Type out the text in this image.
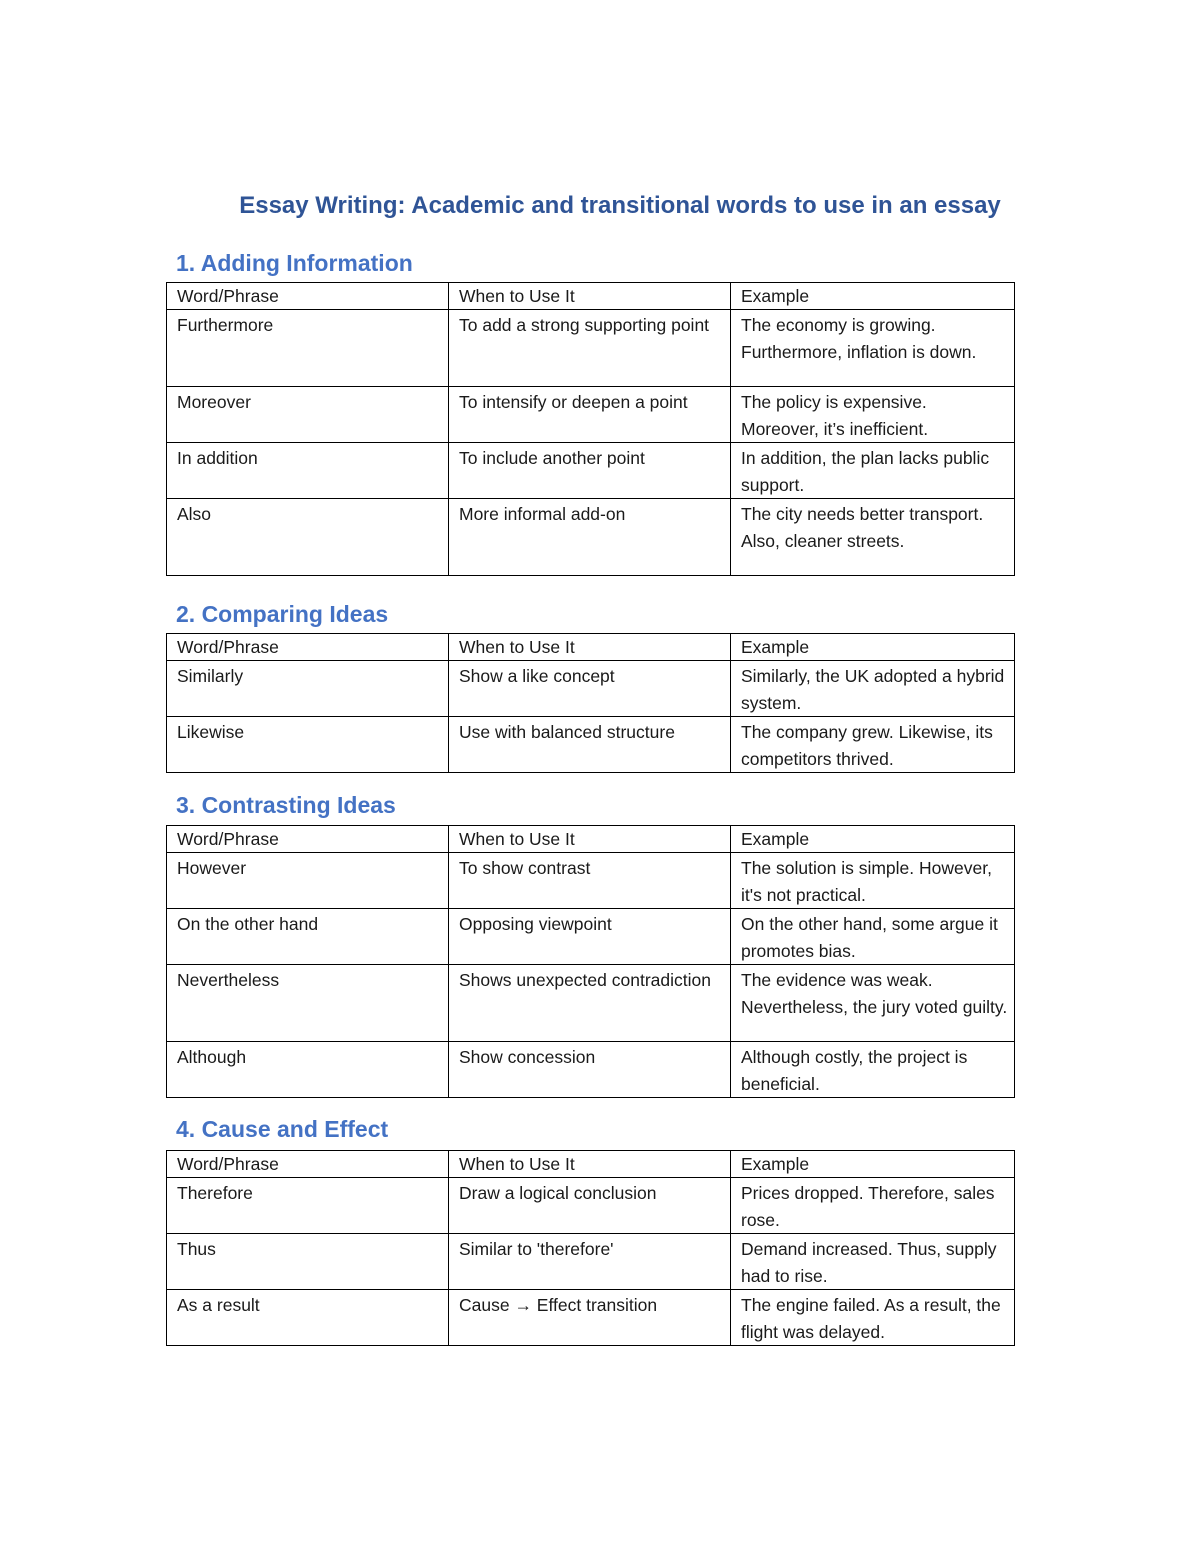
Essay Writing: Academic and transitional words to use in an essay
1. Adding Information
Word/Phrase	When to Use It	Example
Furthermore	To add a strong supporting point	The economy is growing. Furthermore, inflation is down.
Moreover	To intensify or deepen a point	The policy is expensive. Moreover, it’s inefficient.
In addition	To include another point	In addition, the plan lacks public support.
Also	More informal add-on	The city needs better transport. Also, cleaner streets.
2. Comparing Ideas
Word/Phrase	When to Use It	Example
Similarly	Show a like concept	Similarly, the UK adopted a hybrid system.
Likewise	Use with balanced structure	The company grew. Likewise, its competitors thrived.
3. Contrasting Ideas
Word/Phrase	When to Use It	Example
However	To show contrast	The solution is simple. However, it's not practical.
On the other hand	Opposing viewpoint	On the other hand, some argue it promotes bias.
Nevertheless	Shows unexpected contradiction	The evidence was weak. Nevertheless, the jury voted guilty.
Although	Show concession	Although costly, the project is beneficial.
4. Cause and Effect
Word/Phrase	When to Use It	Example
Therefore	Draw a logical conclusion	Prices dropped. Therefore, sales rose.
Thus	Similar to 'therefore'	Demand increased. Thus, supply had to rise.
As a result	Cause → Effect transition	The engine failed. As a result, the flight was delayed.
